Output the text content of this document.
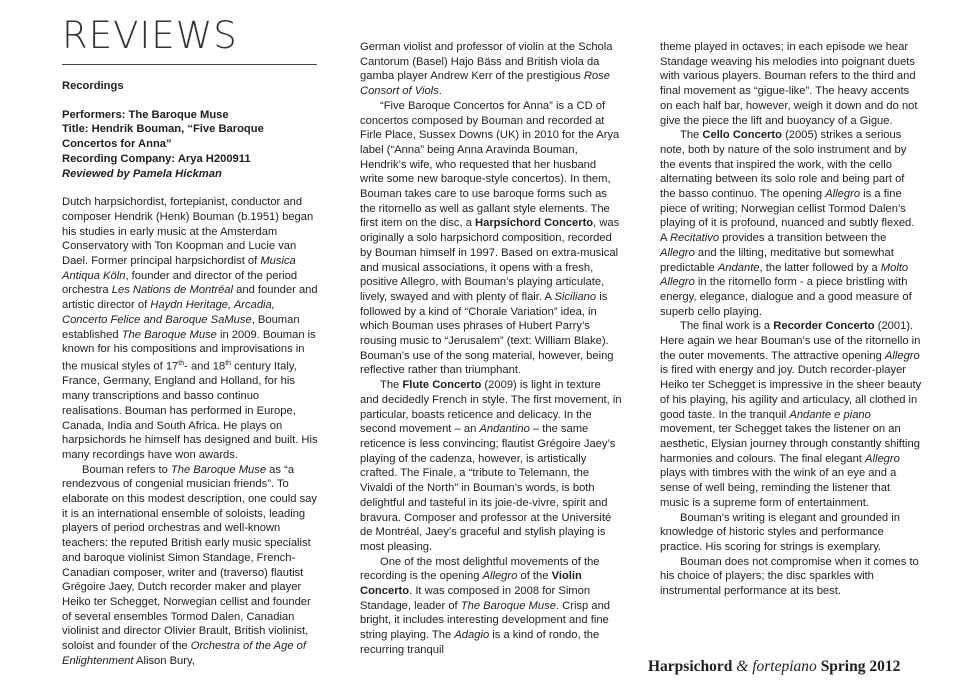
REVIEWS
Recordings
Performers: The Baroque Muse
Title: Hendrik Bouman, “Five Baroque Concertos for Anna”
Recording Company: Arya H200911
Reviewed by Pamela Hickman

Dutch harpsichordist, fortepianist, conductor and composer Hendrik (Henk) Bouman (b.1951) began his studies in early music at the Amsterdam Conservatory with Ton Koopman and Lucie van Dael. Former principal harpsichordist of Musica Antiqua Köln, founder and director of the period orchestra Les Nations de Montréal and founder and artistic director of Haydn Heritage, Arcadia, Concerto Felice and Baroque SaMuse, Bouman established The Baroque Muse in 2009. Bouman is known for his compositions and improvisations in the musical styles of 17th- and 18th century Italy, France, Germany, England and Holland, for his many transcriptions and basso continuo realisations. Bouman has performed in Europe, Canada, India and South Africa. He plays on harpsichords he himself has designed and built. His many recordings have won awards.

Bouman refers to The Baroque Muse as “a rendezvous of congenial musician friends”. To elaborate on this modest description, one could say it is an international ensemble of soloists, leading players of period orchestras and well-known teachers: the reputed British early music specialist and baroque violinist Simon Standage, French-Canadian composer, writer and (traverso) flautist Grégoire Jaey, Dutch recorder maker and player Heiko ter Schegget, Norwegian cellist and founder of several ensembles Tormod Dalen, Canadian violinist and director Olivier Brault, British violinist, soloist and founder of the Orchestra of the Age of Enlightenment Alison Bury,

German violist and professor of violin at the Schola Cantorum (Basel) Hajo Bäss and British viola da gamba player Andrew Kerr of the prestigious Rose Consort of Viols.

“Five Baroque Concertos for Anna” is a CD of concertos composed by Bouman and recorded at Firle Place, Sussex Downs (UK) in 2010 for the Arya label (“Anna” being Anna Aravinda Bouman, Hendrik’s wife, who requested that her husband write some new baroque-style concertos). In them, Bouman takes care to use baroque forms such as the ritornello as well as gallant style elements. The first item on the disc, a Harpsichord Concerto, was originally a solo harpsichord composition, recorded by Bouman himself in 1997. Based on extra-musical and musical associations, it opens with a fresh, positive Allegro, with Bouman’s playing articulate, lively, swayed and with plenty of flair. A Siciliano is followed by a kind of “Chorale Variation” idea, in which Bouman uses phrases of Hubert Parry’s rousing music to “Jerusalem” (text: William Blake). Bouman’s use of the song material, however, being reflective rather than triumphant.

The Flute Concerto (2009) is light in texture and decidedly French in style. The first movement, in particular, boasts reticence and delicacy. In the second movement – an Andantino – the same reticence is less convincing; flautist Grégoire Jaey’s playing of the cadenza, however, is artistically crafted. The Finale, a “tribute to Telemann, the Vivaldi of the North” in Bouman’s words, is both delightful and tasteful in its joie-de-vivre, spirit and bravura. Composer and professor at the Université de Montréal, Jaey’s graceful and stylish playing is most pleasing.

One of the most delightful movements of the recording is the opening Allegro of the Violin Concerto. It was composed in 2008 for Simon Standage, leader of The Baroque Muse. Crisp and bright, it includes interesting development and fine string playing. The Adagio is a kind of rondo, the recurring tranquil

theme played in octaves; in each episode we hear Standage weaving his melodies into poignant duets with various players. Bouman refers to the third and final movement as “gigue-like”. The heavy accents on each half bar, however, weigh it down and do not give the piece the lift and buoyancy of a Gigue.

The Cello Concerto (2005) strikes a serious note, both by nature of the solo instrument and by the events that inspired the work, with the cello alternating between its solo role and being part of the basso continuo. The opening Allegro is a fine piece of writing; Norwegian cellist Tormod Dalen’s playing of it is profound, nuanced and subtly flexed. A Recitativo provides a transition between the Allegro and the lilting, meditative but somewhat predictable Andante, the latter followed by a Molto Allegro in the ritornello form - a piece bristling with energy, elegance, dialogue and a good measure of superb cello playing.

The final work is a Recorder Concerto (2001). Here again we hear Bouman’s use of the ritornello in the outer movements. The attractive opening Allegro is fired with energy and joy. Dutch recorder-player Heiko ter Schegget is impressive in the sheer beauty of his playing, his agility and articulacy, all clothed in good taste. In the tranquil Andante e piano movement, ter Schegget takes the listener on an aesthetic, Elysian journey through constantly shifting harmonies and colours. The final elegant Allegro plays with timbres with the wink of an eye and a sense of well being, reminding the listener that music is a supreme form of entertainment.

Bouman’s writing is elegant and grounded in knowledge of historic styles and performance practice. His scoring for strings is exemplary.

Bouman does not compromise when it comes to his choice of players; the disc sparkles with instrumental performance at its best.

Harpsichord & fortepiano Spring 2012
